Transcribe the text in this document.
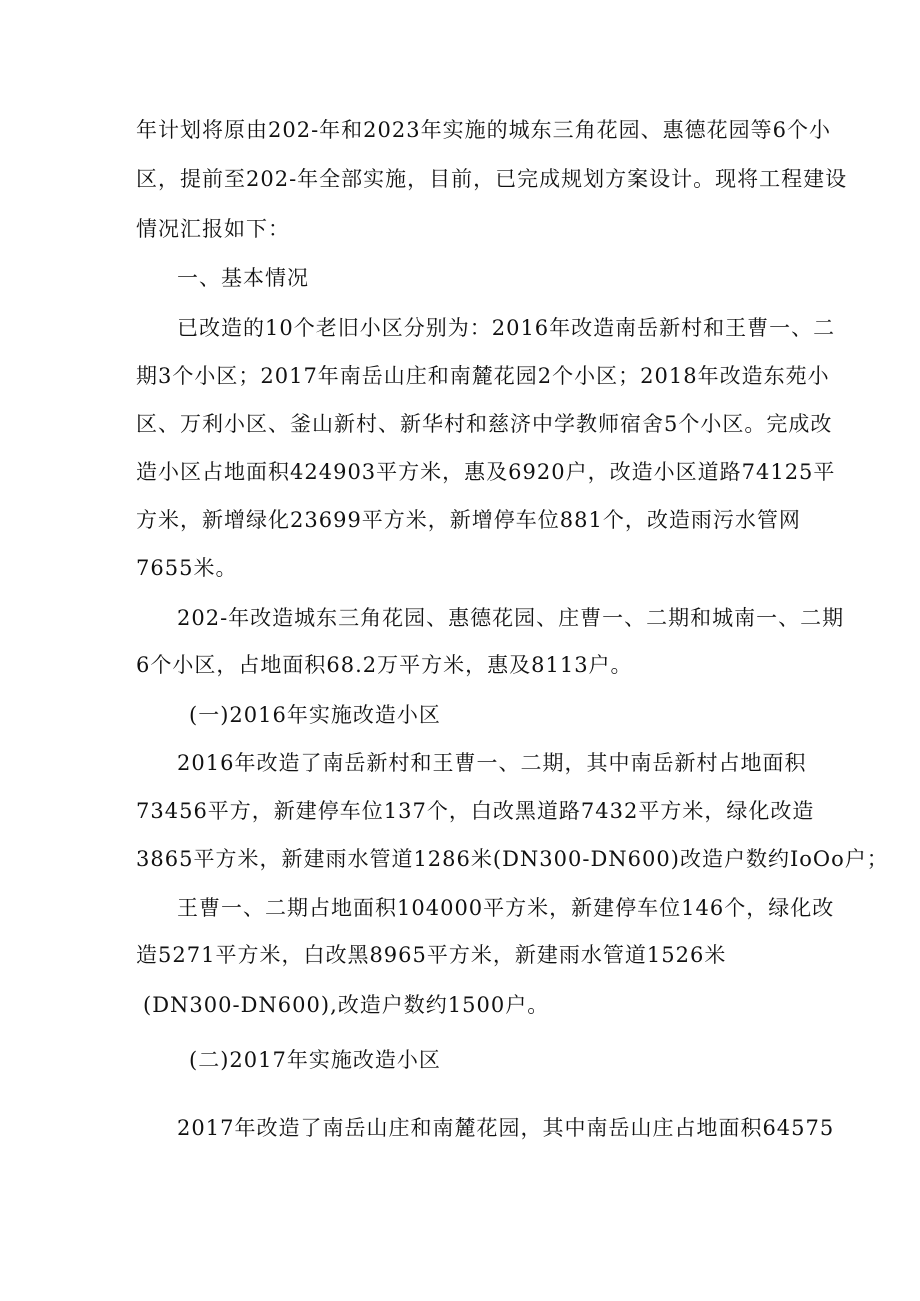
年计划将原由202-年和2023年实施的城东三角花园、惠德花园等6个小
区，提前至202-年全部实施，目前，已完成规划方案设计。现将工程建设
情况汇报如下：
一、基本情况
已改造的10个老旧小区分别为：2016年改造南岳新村和王曹一、二
期3个小区；2017年南岳山庄和南麓花园2个小区；2018年改造东苑小
区、万利小区、釜山新村、新华村和慈济中学教师宿舍5个小区。完成改
造小区占地面积424903平方米，惠及6920户，改造小区道路74125平
方米，新增绿化23699平方米，新增停车位881个，改造雨污水管网
7655米。
202-年改造城东三角花园、惠德花园、庄曹一、二期和城南一、二期
6个小区，占地面积68.2万平方米，惠及8113户。
(一)2016年实施改造小区
2016年改造了南岳新村和王曹一、二期，其中南岳新村占地面积
73456平方，新建停车位137个，白改黑道路7432平方米，绿化改造
3865平方米，新建雨水管道1286米(DN300-DN600)改造户数约IoOo户；
王曹一、二期占地面积104000平方米，新建停车位146个，绿化改
造5271平方米，白改黑8965平方米，新建雨水管道1526米
(DN300-DN600),改造户数约1500户。
(二)2017年实施改造小区
2017年改造了南岳山庄和南麓花园，其中南岳山庄占地面积64575
